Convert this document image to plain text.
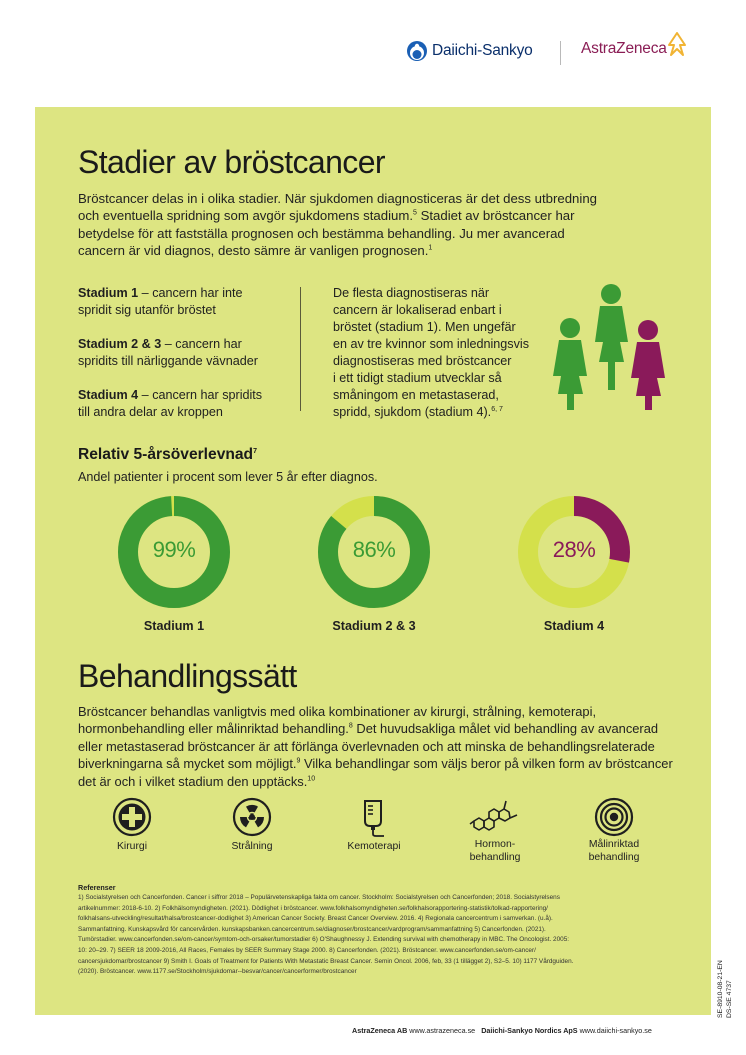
Daiichi-Sankyo	AstraZeneca
Stadier av bröstcancer
Bröstcancer delas in i olika stadier. När sjukdomen diagnosticeras är det dess utbredning
och eventuella spridning som avgör sjukdomens stadium.$^5$ Stadiet av bröstcancer har
betydelse för att fastställa prognosen och bestämma behandling. Ju mer avancerad
cancern är vid diagnos, desto sämre är vanligen prognosen.$^1$
Stadium 1 – cancern har inte
spridit sig utanför bröstet
Stadium 2 & 3 – cancern har
spridits till närliggande vävnader
Stadium 4 – cancern har spridits
till andra delar av kroppen
De flesta diagnostiseras när
cancern är lokaliserad enbart i
bröstet (stadium 1). Men ungefär
en av tre kvinnor som inledningsvis
diagnostiseras med bröstcancer
i ett tidigt stadium utvecklar så
småningom en metastaserad,
spridd, sjukdom (stadium 4).$^{6, 7}$
Relativ 5-årsöverlevnad$^7$
Andel patienter i procent som lever 5 år efter diagnos.
99%
Stadium 1
86%
Stadium 2 & 3
28%
Stadium 4
Behandlingssätt
Bröstcancer behandlas vanligtvis med olika kombinationer av kirurgi, strålning, kemoterapi,
hormonbehandling eller målinriktad behandling.$^8$ Det huvudsakliga målet vid behandling av avancerad
eller metastaserad bröstcancer är att förlänga överlevnaden och att minska de behandlingsrelaterade
biverkningarna så mycket som möjligt.$^9$ Vilka behandlingar som väljs beror på vilken form av bröstcancer
det är och i vilket stadium den upptäcks.$^{10}$
Kirurgi	Strålning	Kemoterapi	Hormon-
behandling
Målinriktad
behandling
Referenser
1) Socialstyrelsen och Cancerfonden. Cancer i siffror 2018 – Populärvetenskapliga fakta om cancer. Stockholm: Socialstyrelsen och Cancerfonden; 2018. Socialstyrelsens
artikelnummer: 2018-6-10. 2) Folkhälsomyndigheten. (2021). Dödlighet i bröstcancer. www.folkhalsomyndigheten.se/folkhalsorapportering-statistik/tolkad-rapportering/
folkhalsans-utveckling/resultat/halsa/brostcancer-dodlighet 3) American Cancer Society. Breast Cancer Overview. 2016. 4) Regionala cancercentrum i samverkan. (u.å).
Sammanfattning. Kunskapsvård för cancervården. kunskapsbanken.cancercentrum.se/diagnoser/brostcancer/vardprogram/sammanfattning 5) Cancerfonden. (2021).
Tumörstadier. www.cancerfonden.se/om-cancer/symtom-och-orsaker/tumorstadier 6) O'Shaughnessy J. Extending survival with chemotherapy in MBC. The Oncologist. 2005:
10: 20–29. 7) SEER 18 2009-2016, All Races, Females by SEER Summary Stage 2000. 8) Cancerfonden. (2021). Bröstcancer. www.cancerfonden.se/om-cancer/
cancersjukdomar/brostcancer 9) Smith I. Goals of Treatment for Patients With Metastatic Breast Cancer. Semin Oncol. 2006, feb, 33 (1 tillägget 2), S2–5. 10) 1177 Vårdguiden.
(2020). Bröstcancer. www.1177.se/Stockholm/sjukdomar--besvar/cancer/cancerformer/brostcancer
AstraZeneca AB www.astrazeneca.se Daiichi-Sankyo Nordics ApS www.daiichi-sankyo.se
SE-8910-08-21-EN DS-SE 4737
